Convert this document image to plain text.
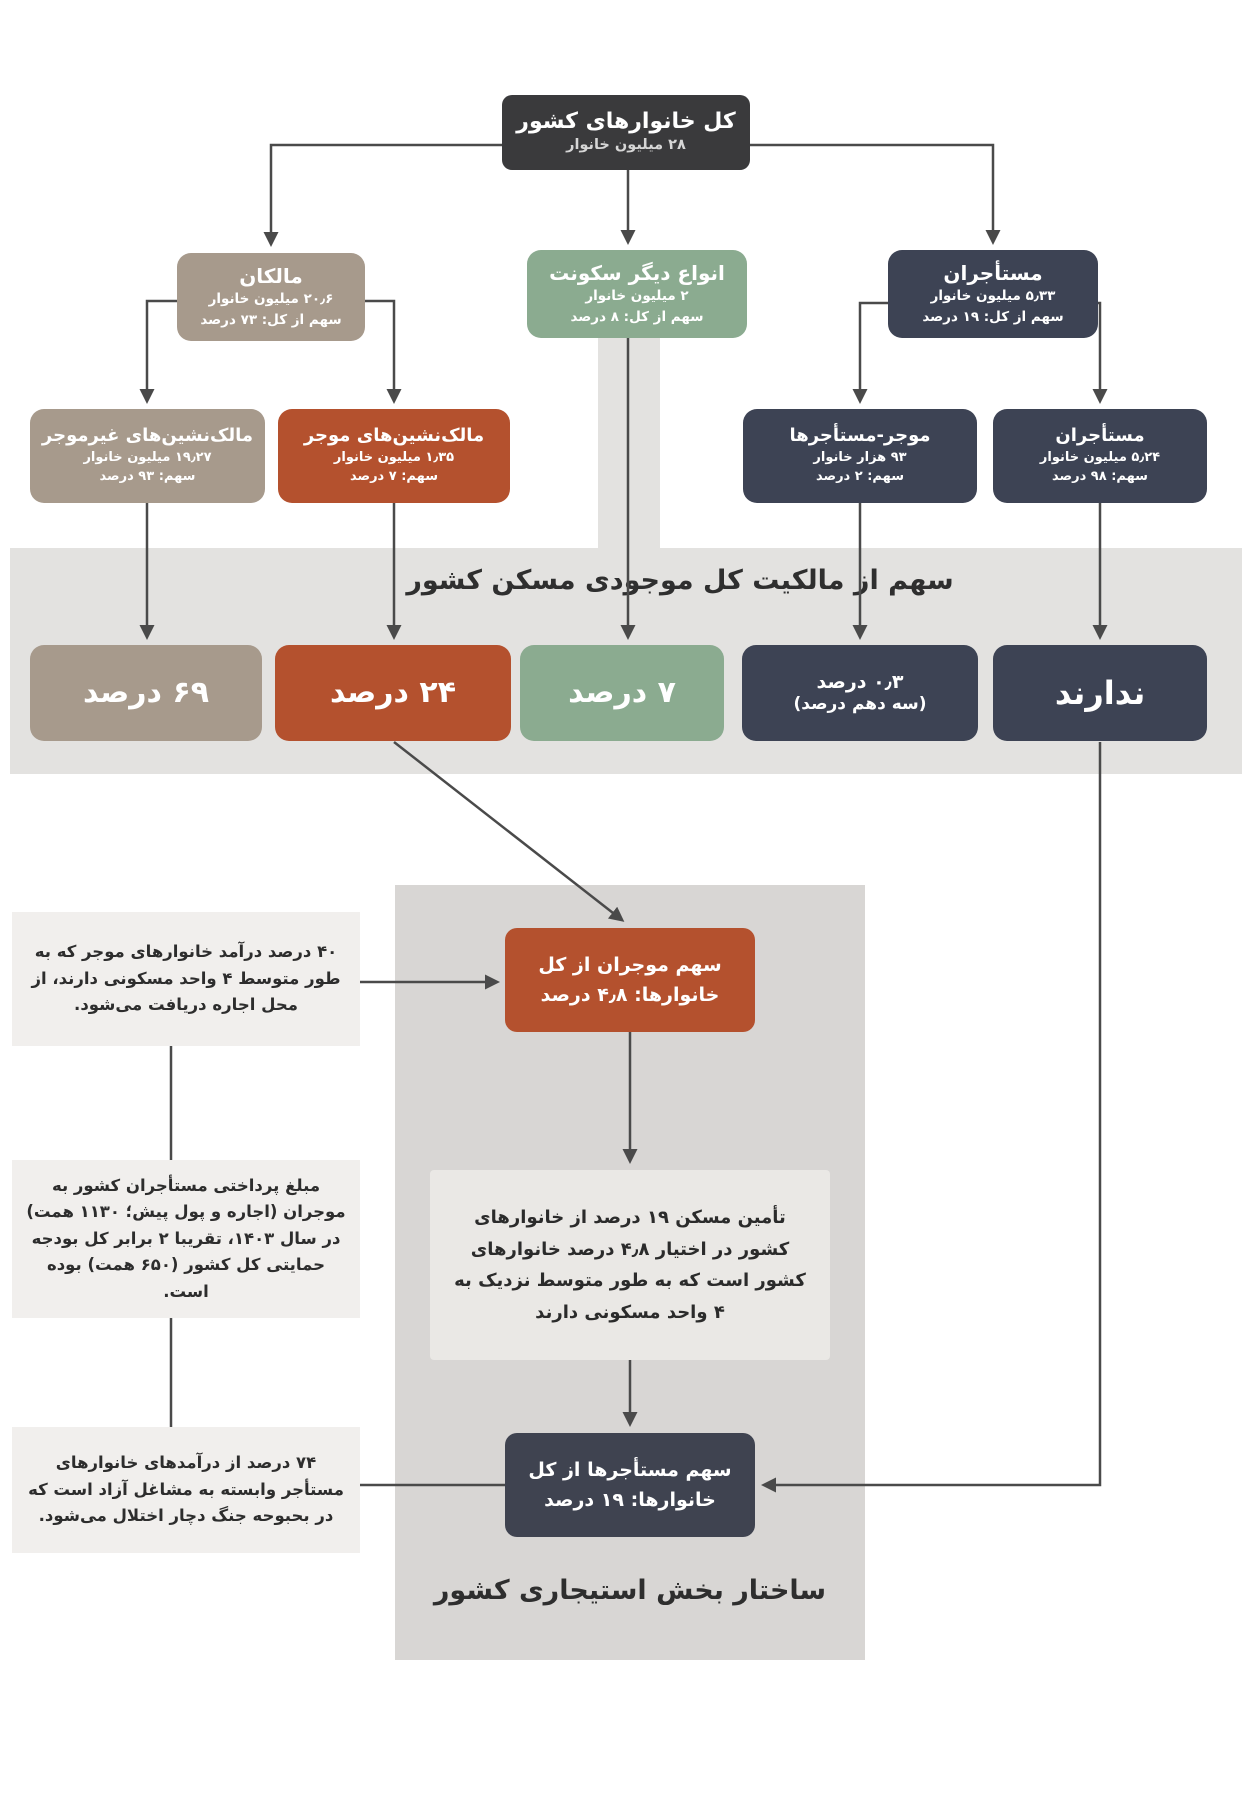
سهم از مالکیت کل موجودی مسکن کشور
کل خانوارهای کشور
۲۸ میلیون خانوار
مالکان
۲۰٫۶ میلیون خانوار
سهم از کل: ۷۳ درصد
انواع دیگر سکونت
۲ میلیون خانوار
سهم از کل: ۸ درصد
مستأجران
۵٫۳۳ میلیون خانوار
سهم از کل: ۱۹ درصد
مالک‌نشین‌های غیرموجر
۱۹٫۲۷ میلیون خانوار
سهم: ۹۳ درصد
مالک‌نشین‌های موجر
۱٫۳۵ میلیون خانوار
سهم: ۷ درصد
موجر-مستأجرها
۹۳ هزار خانوار
سهم: ۲ درصد
مستأجران
۵٫۲۴ میلیون خانوار
سهم: ۹۸ درصد
۶۹ درصد	۲۴ درصد	۷ درصد	۰٫۳ درصد
(سه دهم درصد)	ندارند
۴۰ درصد درآمد خانوارهای موجر که به طور متوسط ۴ واحد مسکونی دارند، از محل اجاره دریافت می‌شود.
مبلغ پرداختی مستأجران کشور به موجران (اجاره و پول پیش؛ ۱۱۳۰ همت) در سال ۱۴۰۳، تقریبا ۲ برابر کل بودجه حمایتی کل کشور (۶۵۰ همت) بوده است.
۷۴ درصد از درآمدهای خانوارهای مستأجر وابسته به مشاغل آزاد است که در بحبوحه جنگ دچار اختلال می‌شود.
سهم موجران از کل خانوارها: ۴٫۸ درصد
تأمین مسکن ۱۹ درصد از خانوارهای کشور در اختیار ۴٫۸ درصد خانوارهای کشور است که به طور متوسط نزدیک به ۴ واحد مسکونی دارند
سهم مستأجرها از کل خانوارها: ۱۹ درصد
ساختار بخش استیجاری کشور
